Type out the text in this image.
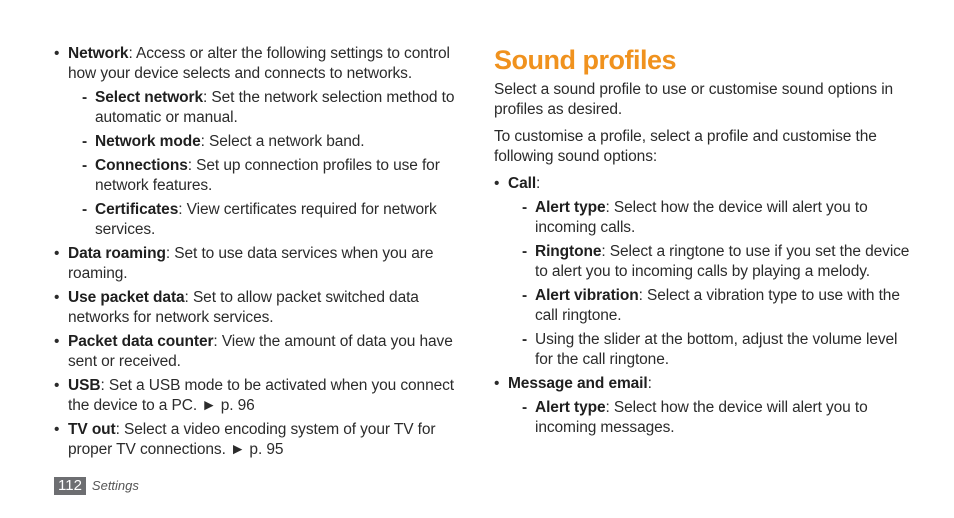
• Network: Access or alter the following settings to control how your device selects and connects to networks.
- Select network: Set the network selection method to automatic or manual.
- Network mode: Select a network band.
- Connections: Set up connection profiles to use for network features.
- Certificates: View certificates required for network services.
• Data roaming: Set to use data services when you are roaming.
• Use packet data: Set to allow packet switched data networks for network services.
• Packet data counter: View the amount of data you have sent or received.
• USB: Set a USB mode to be activated when you connect the device to a PC. ► p. 96
• TV out: Select a video encoding system of your TV for proper TV connections. ► p. 95
Sound profiles
Select a sound profile to use or customise sound options in profiles as desired.
To customise a profile, select a profile and customise the following sound options:
• Call:
- Alert type: Select how the device will alert you to incoming calls.
- Ringtone: Select a ringtone to use if you set the device to alert you to incoming calls by playing a melody.
- Alert vibration: Select a vibration type to use with the call ringtone.
- Using the slider at the bottom, adjust the volume level for the call ringtone.
• Message and email:
- Alert type: Select how the device will alert you to incoming messages.
112 Settings
